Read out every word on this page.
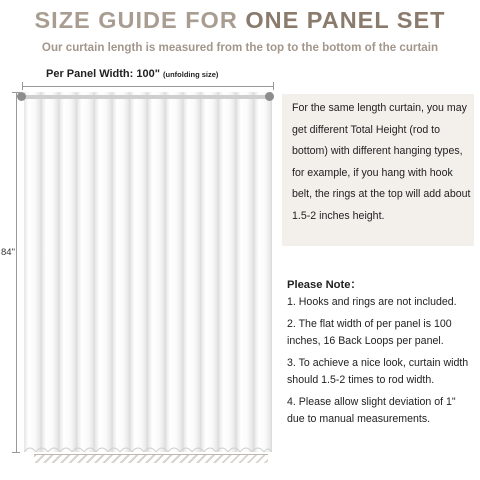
SIZE GUIDE FOR ONE PANEL SET
Our curtain length is measured from the top to the bottom of the curtain
Per Panel Width: 100" (unfolding size)
84"
For the same length curtain, you may get different Total Height (rod to bottom) with different hanging types, for example, if you hang with hook belt, the rings at the top will add about 1.5-2 inches height.
Please Note：
1. Hooks and rings are not included.
2. The flat width of per panel is 100 inches, 16 Back Loops per panel.
3. To achieve a nice look, curtain width should 1.5-2 times to rod width.
4. Please allow slight deviation of 1" due to manual measurements.
